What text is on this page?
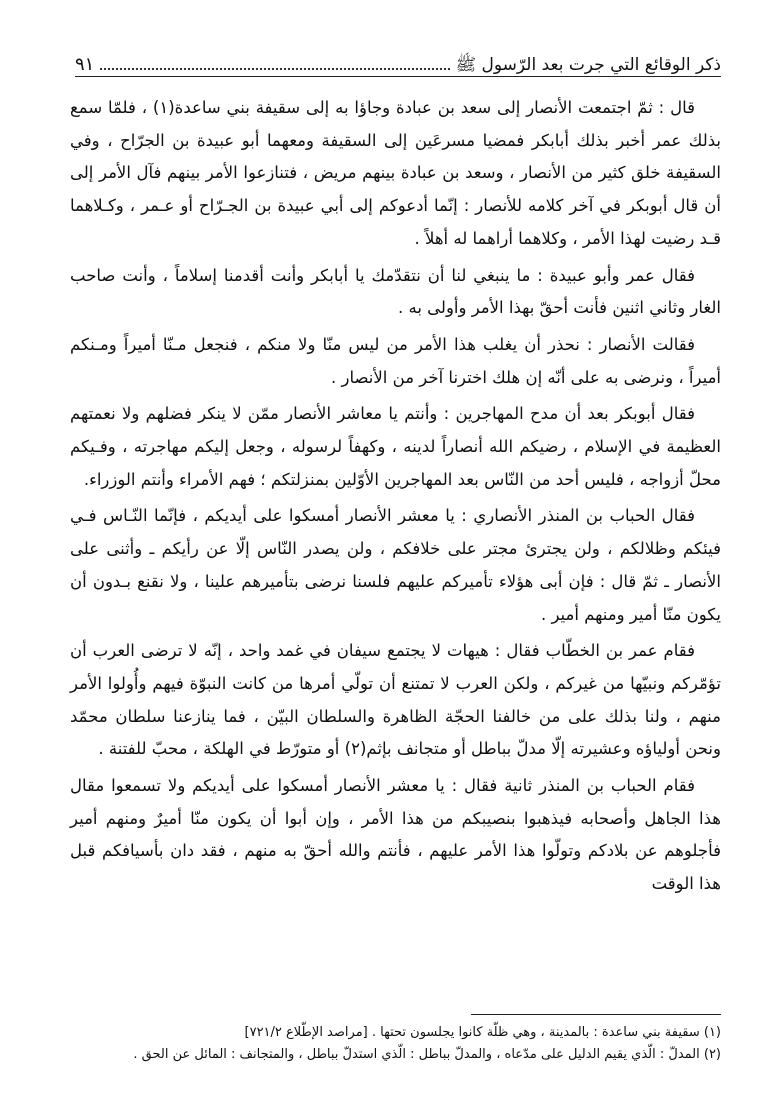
ذكر الوقائع التي جرت بعد الرّسول ﷺ
٩١

قال : ثمّ اجتمعت الأنصار إلى سعد بن عبادة وجاؤا به إلى سقيفة بني ساعدة(١) ، فلمّا سمع بذلك عمر أخبر بذلك أبابكر فمضيا مسرعَين إلى السقيفة ومعهما أبو عبيدة بن الجرّاح ، وفي السقيفة خلق كثير من الأنصار ، وسعد بن عبادة بينهم مريض ، فتنازعوا الأمر بينهم فآل الأمر إلى أن قال أبوبكر في آخر كلامه للأنصار : إنّما أدعوكم إلى أبي عبيدة بن الجـرّاح أو عـمر ، وكـلاهما قـد رضيت لهذا الأمر ، وكلاهما أراهما له أهلاً .

فقال عمر وأبو عبيدة : ما ينبغي لنا أن نتقدّمك يا أبابكر وأنت أقدمنا إسلاماً ، وأنت صاحب الغار وثاني اثنين فأنت أحقّ بهذا الأمر وأولى به .

فقالت الأنصار : نحذر أن يغلب هذا الأمر من ليس منّا ولا منكم ، فنجعل مـنّا أميراً ومـنكم أميراً ، ونرضى به على أنّه إن هلك اخترنا آخر من الأنصار .

فقال أبوبكر بعد أن مدح المهاجرين : وأنتم يا معاشر الأنصار ممّن لا ينكر فضلهم ولا نعمتهم العظيمة في الإسلام ، رضيكم الله أنصاراً لدينه ، وكهفاً لرسوله ، وجعل إليكم مهاجرته ، وفـيكم محلّ أزواجه ، فليس أحد من النّاس بعد المهاجرين الأوّلين بمنزلتكم ؛ فهم الأمراء وأنتم الوزراء.

فقال الحباب بن المنذر الأنصاري : يا معشر الأنصار أمسكوا على أيديكم ، فإنّما النّـاس فـي فيئكم وظلالكم ، ولن يجترئ مجتر على خلافكم ، ولن يصدر النّاس إلّا عن رأيكم ـ وأثنى على الأنصار ـ ثمّ قال : فإن أبى هؤلاء تأميركم عليهم فلسنا نرضى بتأميرهم علينا ، ولا نقنع بـدون أن يكون منّا أمير ومنهم أمير .

فقام عمر بن الخطّاب فقال : هيهات لا يجتمع سيفان في غمد واحد ، إنّه لا ترضى العرب أن تؤمّركم ونبيّها من غيركم ، ولكن العرب لا تمتنع أن تولّي أمرها من كانت النبوّة فيهم وأُولوا الأمر منهم ، ولنا بذلك على من خالفنا الحجّة الظاهرة والسلطان البيّن ، فما ينازعنا سلطان محمّد ونحن أولياؤه وعشيرته إلّا مدلّ بباطل أو متجانف بإثم(٢) أو متورّط في الهلكة ، محبّ للفتنة .

فقام الحباب بن المنذر ثانية فقال : يا معشر الأنصار أمسكوا على أيديكم ولا تسمعوا مقال هذا الجاهل وأصحابه فيذهبوا بنصيبكم من هذا الأمر ، وإن أبوا أن يكون منّا أميرٌ ومنهم أمير فأجلوهم عن بلادكم وتولّوا هذا الأمر عليهم ، فأنتم والله أحقّ به منهم ، فقد دان بأسيافكم قبل هذا الوقت

(١) سقيفة بني ساعدة : بالمدينة ، وهي ظلّة كانوا يجلسون تحتها . [مراصد الإطّلاع ٧٢١/٢]

(٢) المدلّ : الّذي يقيم الدليل على مدّعاه ، والمدلّ بباطل : الّذي استدلّ بباطل ، والمتجانف : المائل عن الحق .
